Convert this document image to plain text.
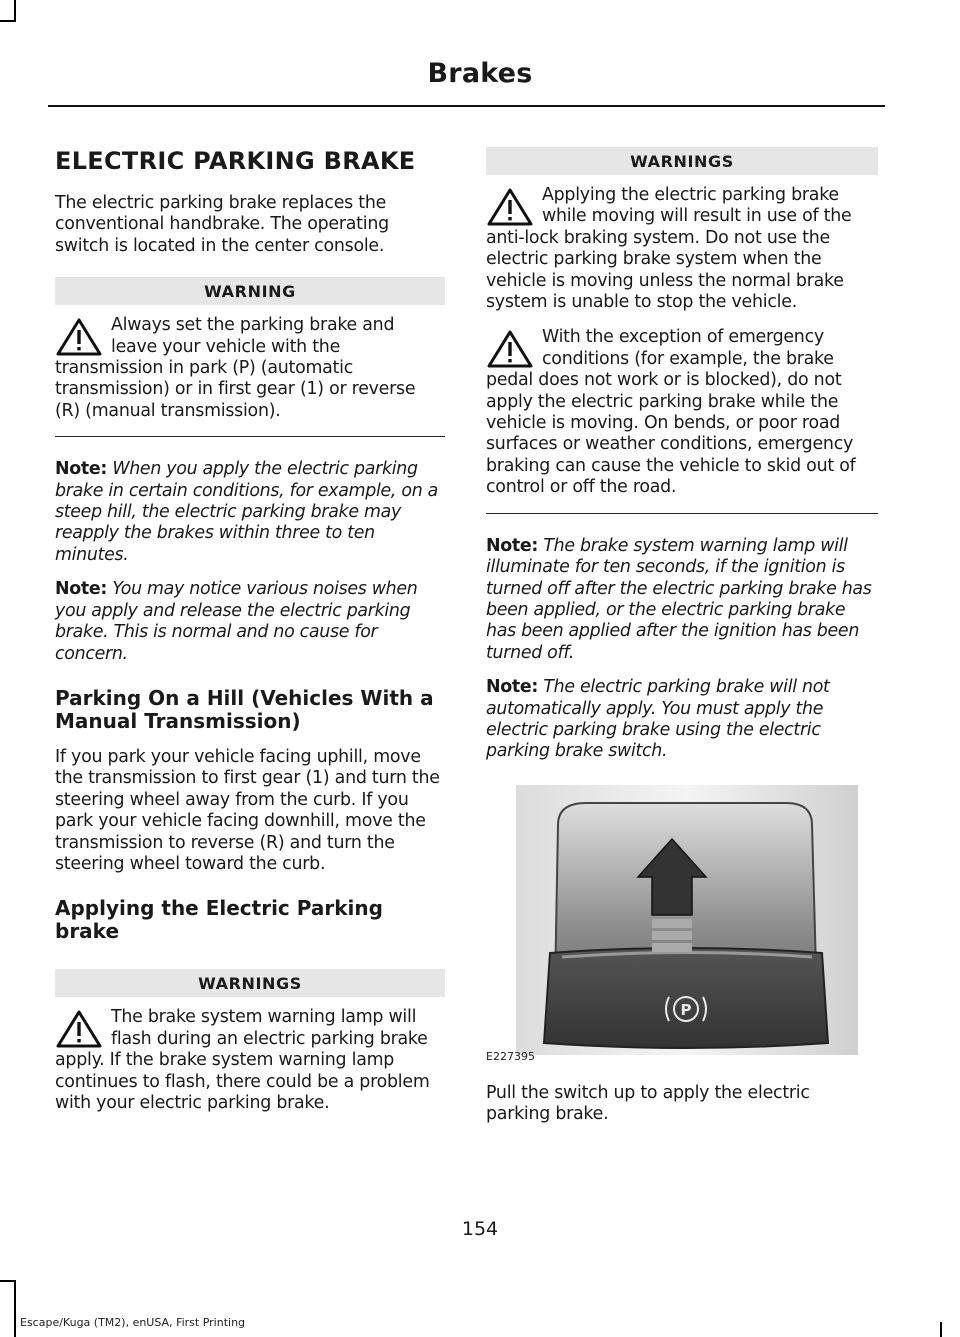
Brakes
ELECTRIC PARKING BRAKE

The electric parking brake replaces the conventional handbrake. The operating switch is located in the center console.

WARNING
Always set the parking brake and leave your vehicle with the transmission in park (P) (automatic transmission) or in first gear (1) or reverse (R) (manual transmission).
Note: When you apply the electric parking brake in certain conditions, for example, on a steep hill, the electric parking brake may reapply the brakes within three to ten minutes.
Note: You may notice various noises when you apply and release the electric parking brake. This is normal and no cause for concern.
Parking On a Hill (Vehicles With a Manual Transmission)

If you park your vehicle facing uphill, move the transmission to first gear (1) and turn the steering wheel away from the curb. If you park your vehicle facing downhill, move the transmission to reverse (R) and turn the steering wheel toward the curb.

Applying the Electric Parking brake
WARNINGS
The brake system warning lamp will flash during an electric parking brake apply. If the brake system warning lamp continues to flash, there could be a problem with your electric parking brake.
WARNINGS
Applying the electric parking brake while moving will result in use of the anti-lock braking system. Do not use the electric parking brake system when the vehicle is moving unless the normal brake system is unable to stop the vehicle.
With the exception of emergency conditions (for example, the brake pedal does not work or is blocked), do not apply the electric parking brake while the vehicle is moving. On bends, or poor road surfaces or weather conditions, emergency braking can cause the vehicle to skid out of control or off the road.
Note: The brake system warning lamp will illuminate for ten seconds, if the ignition is turned off after the electric parking brake has been applied, or the electric parking brake has been applied after the ignition has been turned off.
Note: The electric parking brake will not automatically apply. You must apply the electric parking brake using the electric parking brake switch.
P
E227395

Pull the switch up to apply the electric parking brake.

154
Escape/Kuga (TM2), enUSA, First Printing
